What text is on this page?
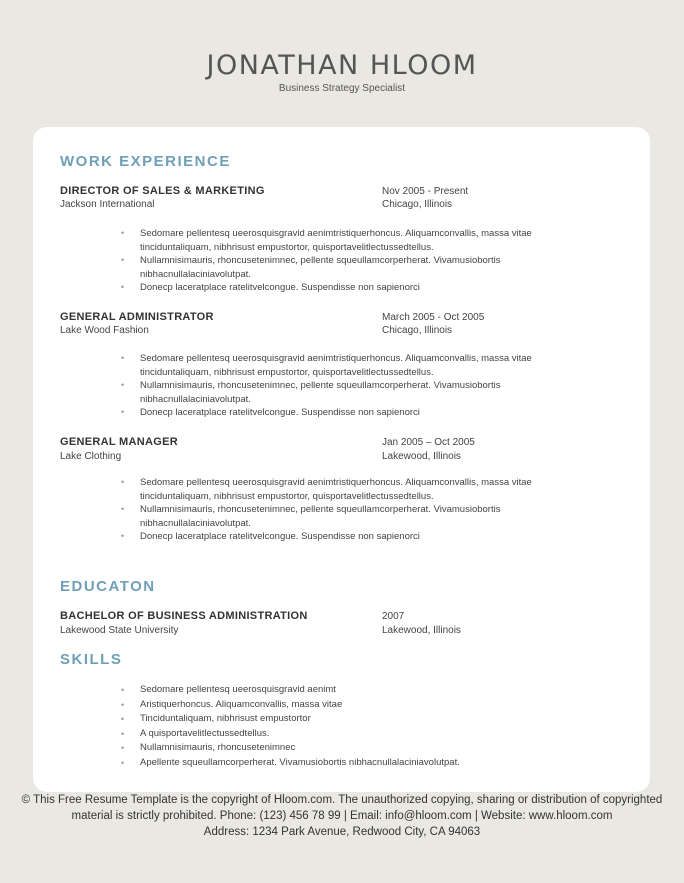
JONATHAN HLOOM
Business Strategy Specialist
WORK EXPERIENCE
DIRECTOR OF SALES & MARKETING
Jackson International
Nov 2005 - Present
Chicago, Illinois
• Sedomare pellentesq ueerosquisgravid aenimtristiquerhoncus. Aliquamconvallis, massa vitae tinciduntaliquam, nibhrisust empustortor, quisportavelitlectussedtellus.
• Nullamnisimauris, rhoncusetenimnec, pellente squeullamcorperherat. Vivamusiobortis nibhacnullalaciniavolutpat.
• Donecp laceratplace ratelitvelcongue. Suspendisse non sapienorci
GENERAL ADMINISTRATOR
Lake Wood Fashion
March 2005 - Oct 2005
Chicago, Illinois
• Sedomare pellentesq ueerosquisgravid aenimtristiquerhoncus. Aliquamconvallis, massa vitae tinciduntaliquam, nibhrisust empustortor, quisportavelitlectussedtellus.
• Nullamnisimauris, rhoncusetenimnec, pellente squeullamcorperherat. Vivamusiobortis nibhacnullalaciniavolutpat.
• Donecp laceratplace ratelitvelcongue. Suspendisse non sapienorci
GENERAL MANAGER
Lake Clothing
Jan 2005 – Oct 2005
Lakewood, Illinois
• Sedomare pellentesq ueerosquisgravid aenimtristiquerhoncus. Aliquamconvallis, massa vitae tinciduntaliquam, nibhrisust empustortor, quisportavelitlectussedtellus.
• Nullamnisimauris, rhoncusetenimnec, pellente squeullamcorperherat. Vivamusiobortis nibhacnullalaciniavolutpat.
• Donecp laceratplace ratelitvelcongue. Suspendisse non sapienorci
EDUCATON
BACHELOR OF BUSINESS ADMINISTRATION
Lakewood State University
2007
Lakewood, Illinois
SKILLS
• Sedomare pellentesq ueerosquisgravid aenimt
• Aristiquerhoncus. Aliquamconvallis, massa vitae
• Tinciduntaliquam, nibhrisust empustortor
• A quisportavelitlectussedtellus.
• Nullamnisimauris, rhoncusetenimnec
• Apellente squeullamcorperherat. Vivamusiobortis nibhacnullalaciniavolutpat.
© This Free Resume Template is the copyright of Hloom.com. The unauthorized copying, sharing or distribution of copyrighted material is strictly prohibited. Phone: (123) 456 78 99 | Email: info@hloom.com | Website: www.hloom.com
Address: 1234 Park Avenue, Redwood City, CA 94063
